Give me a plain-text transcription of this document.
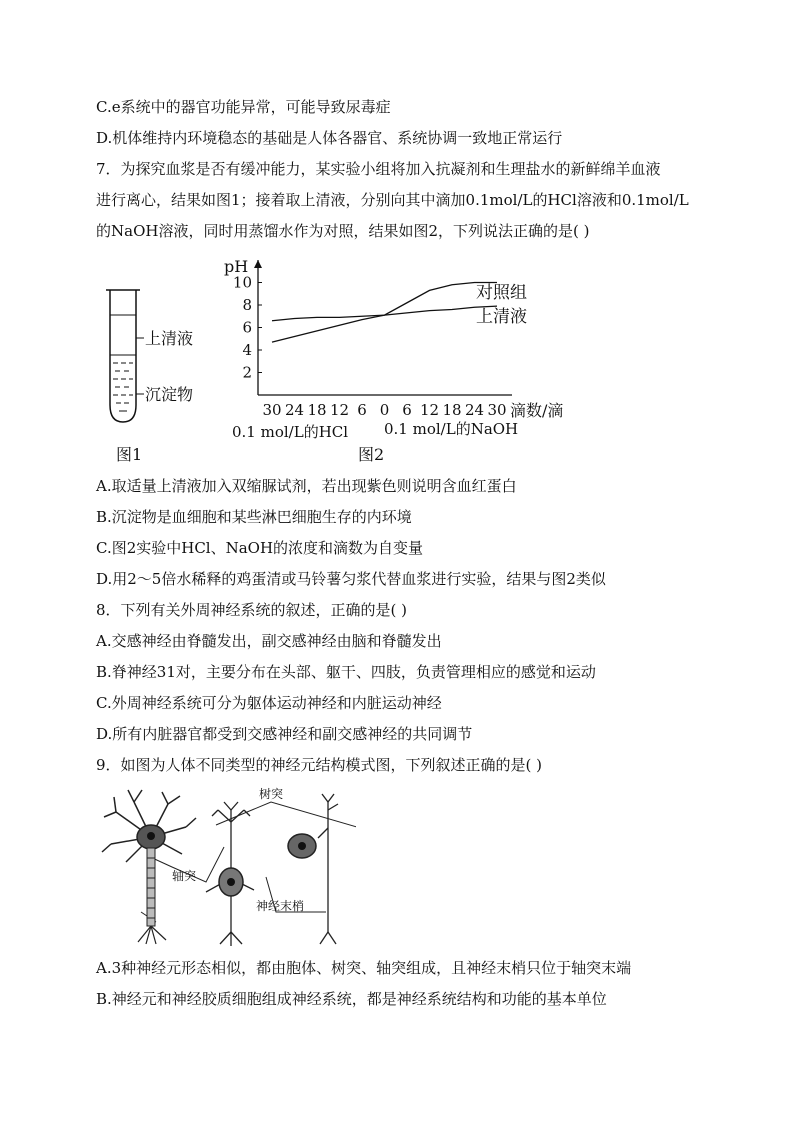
C.e系统中的器官功能异常，可能导致尿毒症
D.机体维持内环境稳态的基础是人体各器官、系统协调一致地正常运行
7．为探究血浆是否有缓冲能力，某实验小组将加入抗凝剂和生理盐水的新鲜绵羊血液
进行离心，结果如图1；接着取上清液，分别向其中滴加0.1mol/L的HCl溶液和0.1mol/L
的NaOH溶液，同时用蒸馏水作为对照，结果如图2，下列说法正确的是( )
上清液
沉淀物
图1
2
4
6
8
10
30 24 18 12 6 0 6 12 18 24 30
pH
滴数/滴
对照组
上清液
0.1 mol/L的HCl 0.1 mol/L的NaOH
图2
A.取适量上清液加入双缩脲试剂，若出现紫色则说明含血红蛋白
B.沉淀物是血细胞和某些淋巴细胞生存的内环境
C.图2实验中HCl、NaOH的浓度和滴数为自变量
D.用2～5倍水稀释的鸡蛋清或马铃薯匀浆代替血浆进行实验，结果与图2类似
8．下列有关外周神经系统的叙述，正确的是( )
A.交感神经由脊髓发出，副交感神经由脑和脊髓发出
B.脊神经31对，主要分布在头部、躯干、四肢，负责管理相应的感觉和运动
C.外周神经系统可分为躯体运动神经和内脏运动神经
D.所有内脏器官都受到交感神经和副交感神经的共同调节
9．如图为人体不同类型的神经元结构模式图，下列叙述正确的是( )
树突
轴突
神经末梢
A.3种神经元形态相似，都由胞体、树突、轴突组成，且神经末梢只位于轴突末端
B.神经元和神经胶质细胞组成神经系统，都是神经系统结构和功能的基本单位
